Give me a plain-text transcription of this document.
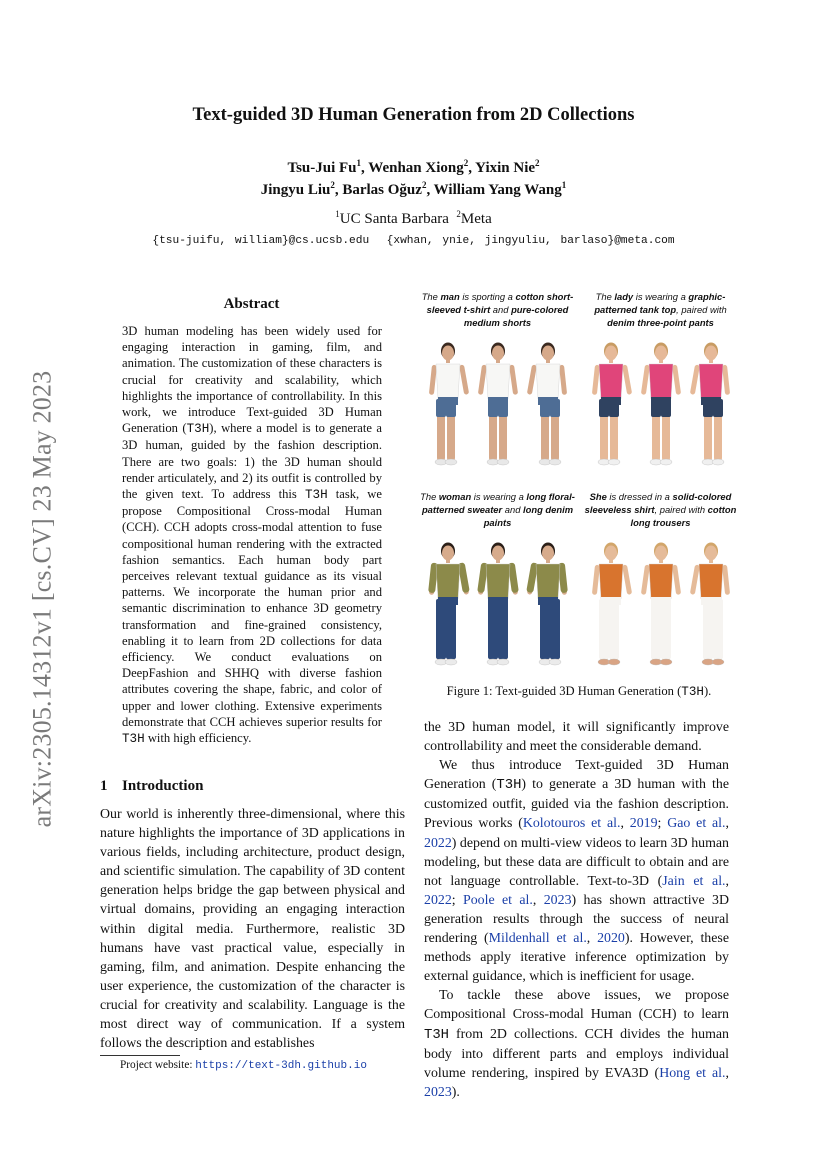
arXiv:2305.14312v1 [cs.CV] 23 May 2023
Text-guided 3D Human Generation from 2D Collections
Tsu-Jui Fu$^1$, Wenhan Xiong$^2$, Yixin Nie$^2$
Jingyu Liu$^2$, Barlas Oğuz$^2$, William Yang Wang$^1$
$^1$UC Santa Barbara $^2$Meta
{tsu-juifu, william}@cs.ucsb.edu {xwhan, ynie, jingyuliu, barlaso}@meta.com
Abstract
3D human modeling has been widely used for engaging interaction in gaming, film, and animation. The customization of these characters is crucial for creativity and scalability, which highlights the importance of controllability. In this work, we introduce Text-guided 3D Human Generation (T3H), where a model is to generate a 3D human, guided by the fashion description. There are two goals: 1) the 3D human should render articulately, and 2) its outfit is controlled by the given text. To address this T3H task, we propose Compositional Cross-modal Human (CCH). CCH adopts cross-modal attention to fuse compositional human rendering with the extracted fashion semantics. Each human body part perceives relevant textual guidance as its visual patterns. We incorporate the human prior and semantic discrimination to enhance 3D geometry transformation and fine-grained consistency, enabling it to learn from 2D collections for data efficiency. We conduct evaluations on DeepFashion and SHHQ with diverse fashion attributes covering the shape, fabric, and color of upper and lower clothing. Extensive experiments demonstrate that CCH achieves superior results for T3H with high efficiency.
1 Introduction
Our world is inherently three-dimensional, where this nature highlights the importance of 3D applications in various fields, including architecture, product design, and scientific simulation. The capability of 3D content generation helps bridge the gap between physical and virtual domains, providing an engaging interaction within digital media. Furthermore, realistic 3D humans have vast practical value, especially in gaming, film, and animation. Despite enhancing the user experience, the customization of the character is crucial for creativity and scalability. Language is the most direct way of communication. If a system follows the description and establishes
Project website: https://text-3dh.github.io
The man is sporting a cotton short-sleeved t-shirt and pure-colored medium shorts
The lady is wearing a graphic-patterned tank top, paired with denim three-point pants
The woman is wearing a long floral-patterned sweater and long denim paints
She is dressed in a solid-colored sleeveless shirt, paired with cotton long trousers
Figure 1: Text-guided 3D Human Generation (T3H).

the 3D human model, it will significantly improve controllability and meet the considerable demand.

We thus introduce Text-guided 3D Human Generation (T3H) to generate a 3D human with the customized outfit, guided via the fashion description. Previous works (Kolotouros et al., 2019; Gao et al., 2022) depend on multi-view videos to learn 3D human modeling, but these data are difficult to obtain and are not language controllable. Text-to-3D (Jain et al., 2022; Poole et al., 2023) has shown attractive 3D generation results through the success of neural rendering (Mildenhall et al., 2020). However, these methods apply iterative inference optimization by external guidance, which is inefficient for usage.

To tackle these above issues, we propose Compositional Cross-modal Human (CCH) to learn T3H from 2D collections. CCH divides the human body into different parts and employs individual volume rendering, inspired by EVA3D (Hong et al., 2023).
